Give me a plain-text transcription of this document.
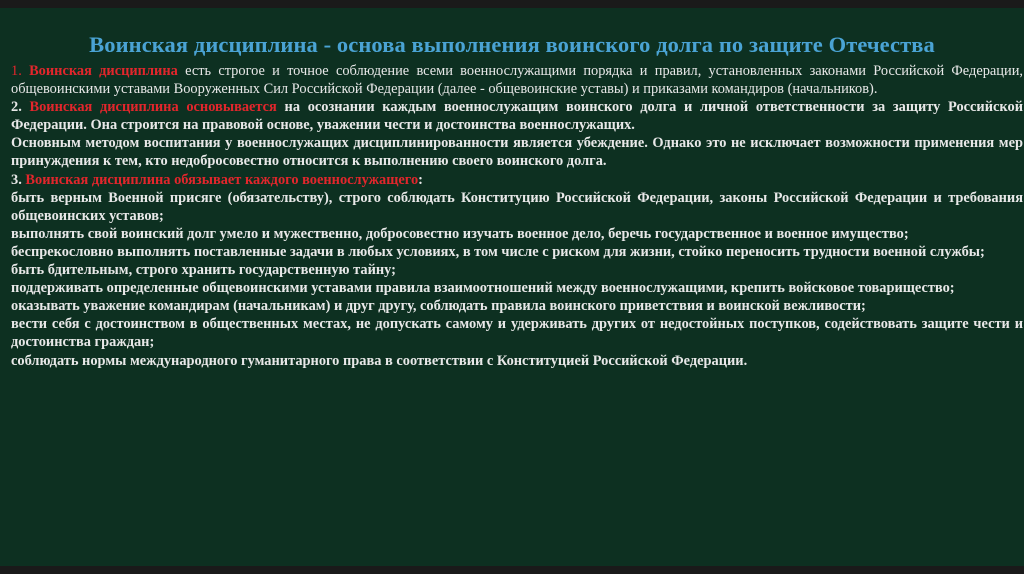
Воинская дисциплина - основа выполнения воинского долга по защите Отечества

1. Воинская дисциплина есть строгое и точное соблюдение всеми военнослужащими порядка и правил, установленных законами Российской Федерации, общевоинскими уставами Вооруженных Сил Российской Федерации (далее - общевоинские уставы) и приказами командиров (начальников).

2. Воинская дисциплина основывается на осознании каждым военнослужащим воинского долга и личной ответственности за защиту Российской Федерации. Она строится на правовой основе, уважении чести и достоинства военнослужащих.

Основным методом воспитания у военнослужащих дисциплинированности является убеждение. Однако это не исключает возможности применения мер принуждения к тем, кто недобросовестно относится к выполнению своего воинского долга.

3. Воинская дисциплина обязывает каждого военнослужащего:

быть верным Военной присяге (обязательству), строго соблюдать Конституцию Российской Федерации, законы Российской Федерации и требования общевоинских уставов;

выполнять свой воинский долг умело и мужественно, добросовестно изучать военное дело, беречь государственное и военное имущество;

беспрекословно выполнять поставленные задачи в любых условиях, в том числе с риском для жизни, стойко переносить трудности военной службы;

быть бдительным, строго хранить государственную тайну;

поддерживать определенные общевоинскими уставами правила взаимоотношений между военнослужащими, крепить войсковое товарищество;

оказывать уважение командирам (начальникам) и друг другу, соблюдать правила воинского приветствия и воинской вежливости;

вести себя с достоинством в общественных местах, не допускать самому и удерживать других от недостойных поступков, содействовать защите чести и достоинства граждан;

соблюдать нормы международного гуманитарного права в соответствии с Конституцией Российской Федерации.
